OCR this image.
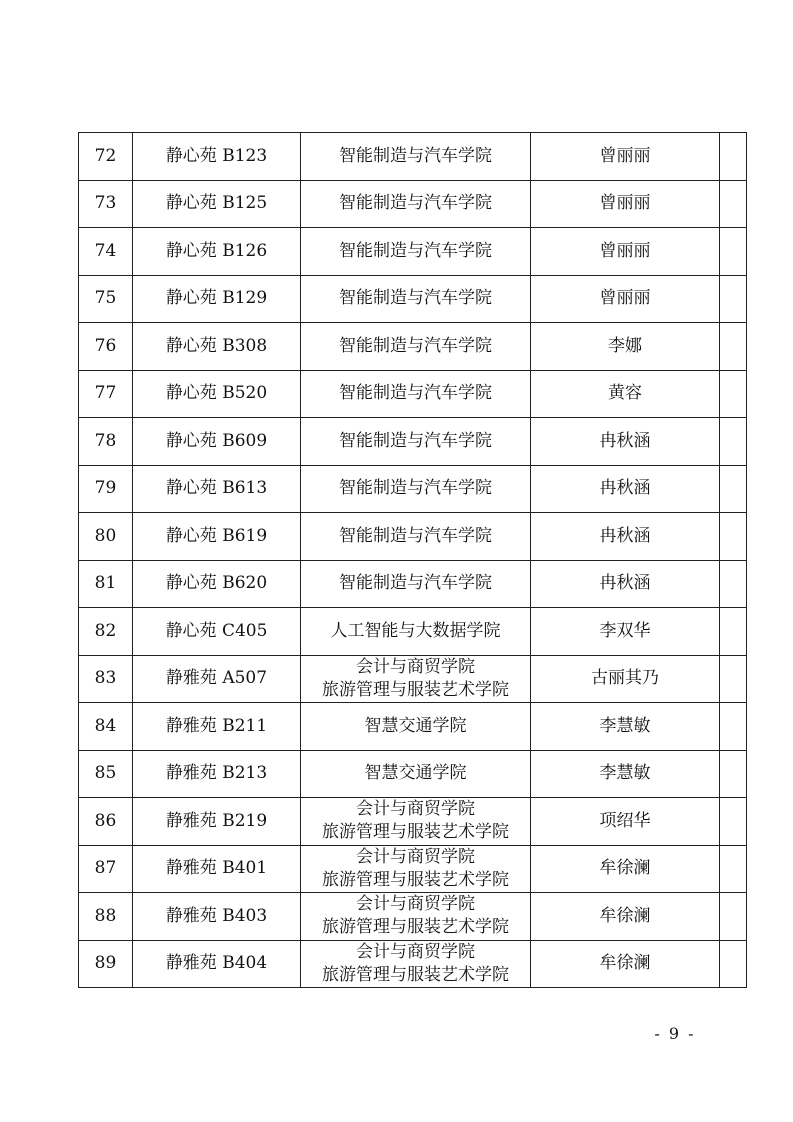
72	静心苑 B123	智能制造与汽车学院	曾丽丽	
73	静心苑 B125	智能制造与汽车学院	曾丽丽	
74	静心苑 B126	智能制造与汽车学院	曾丽丽	
75	静心苑 B129	智能制造与汽车学院	曾丽丽	
76	静心苑 B308	智能制造与汽车学院	李娜	
77	静心苑 B520	智能制造与汽车学院	黄容	
78	静心苑 B609	智能制造与汽车学院	冉秋涵	
79	静心苑 B613	智能制造与汽车学院	冉秋涵	
80	静心苑 B619	智能制造与汽车学院	冉秋涵	
81	静心苑 B620	智能制造与汽车学院	冉秋涵	
82	静心苑 C405	人工智能与大数据学院	李双华	
83	静雅苑 A507	会计与商贸学院
旅游管理与服装艺术学院	古丽其乃	
84	静雅苑 B211	智慧交通学院	李慧敏	
85	静雅苑 B213	智慧交通学院	李慧敏	
86	静雅苑 B219	会计与商贸学院
旅游管理与服装艺术学院	项绍华	
87	静雅苑 B401	会计与商贸学院
旅游管理与服装艺术学院	牟徐澜	
88	静雅苑 B403	会计与商贸学院
旅游管理与服装艺术学院	牟徐澜	
89	静雅苑 B404	会计与商贸学院
旅游管理与服装艺术学院	牟徐澜	
- 9 -
